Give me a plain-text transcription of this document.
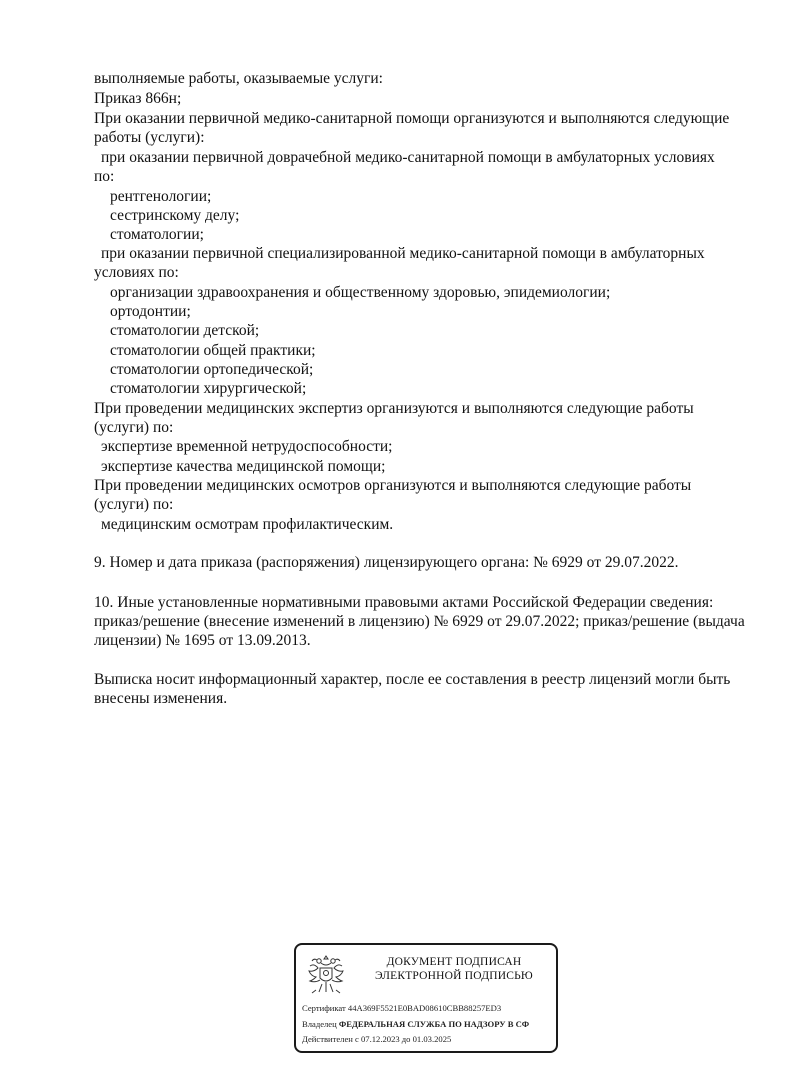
выполняемые работы, оказываемые услуги:
Приказ 866н;
При оказании первичной медико-санитарной помощи организуются и выполняются следующие
работы (услуги):
при оказании первичной доврачебной медико-санитарной помощи в амбулаторных условиях
по:
рентгенологии;
сестринскому делу;
стоматологии;
при оказании первичной специализированной медико-санитарной помощи в амбулаторных
условиях по:
организации здравоохранения и общественному здоровью, эпидемиологии;
ортодонтии;
стоматологии детской;
стоматологии общей практики;
стоматологии ортопедической;
стоматологии хирургической;
При проведении медицинских экспертиз организуются и выполняются следующие работы
(услуги) по:
экспертизе временной нетрудоспособности;
экспертизе качества медицинской помощи;
При проведении медицинских осмотров организуются и выполняются следующие работы
(услуги) по:
медицинским осмотрам профилактическим.
9. Номер и дата приказа (распоряжения) лицензирующего органа: № 6929 от 29.07.2022.
10. Иные установленные нормативными правовыми актами Российской Федерации сведения:
приказ/решение (внесение изменений в лицензию) № 6929 от 29.07.2022; приказ/решение (выдача
лицензии) № 1695 от 13.09.2013.
Выписка носит информационный характер, после ее составления в реестр лицензий могли быть
внесены изменения.
ДОКУМЕНТ ПОДПИСАН
ЭЛЕКТРОННОЙ ПОДПИСЬЮ
Сертификат 44A369F5521E0BAD08610CBB88257ED3
Владелец ФЕДЕРАЛЬНАЯ СЛУЖБА ПО НАДЗОРУ В СФ
Действителен с 07.12.2023 до 01.03.2025
